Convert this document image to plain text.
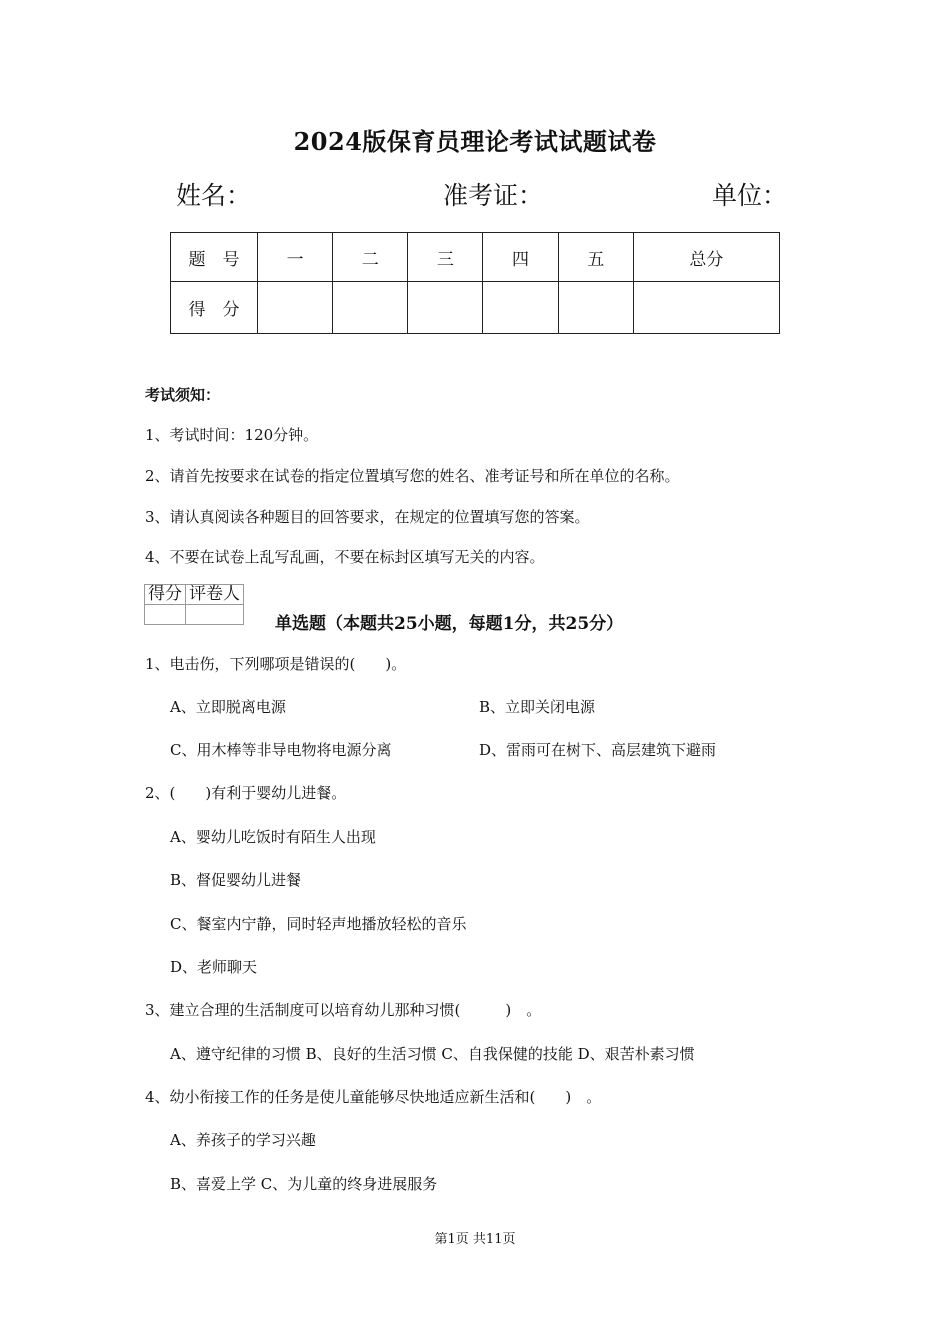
2024版保育员理论考试试题试卷
姓名：	准考证：	单位：
题　号	一	二	三	四	五	总分
得　分						
考试须知：
1、考试时间：120分钟。
2、请首先按要求在试卷的指定位置填写您的姓名、准考证号和所在单位的名称。
3、请认真阅读各种题目的回答要求，在规定的位置填写您的答案。
4、不要在试卷上乱写乱画，不要在标封区填写无关的内容。
得分	评卷人

单选题（本题共25小题，每题1分，共25分）
1、电击伤，下列哪项是错误的(　　)。
A、立即脱离电源	B、立即关闭电源
C、用木棒等非导电物将电源分离	D、雷雨可在树下、高层建筑下避雨
2、(　　)有利于婴幼儿进餐。
A、婴幼儿吃饭时有陌生人出现
B、督促婴幼儿进餐
C、餐室内宁静，同时轻声地播放轻松的音乐
D、老师聊天
3、建立合理的生活制度可以培育幼儿那种习惯(　　　)　。
A、遵守纪律的习惯 B、良好的生活习惯 C、自我保健的技能 D、艰苦朴素习惯
4、幼小衔接工作的任务是使儿童能够尽快地适应新生活和(　　)　。
A、养孩子的学习兴趣
B、喜爱上学 C、为儿童的终身进展服务
第1页 共11页
